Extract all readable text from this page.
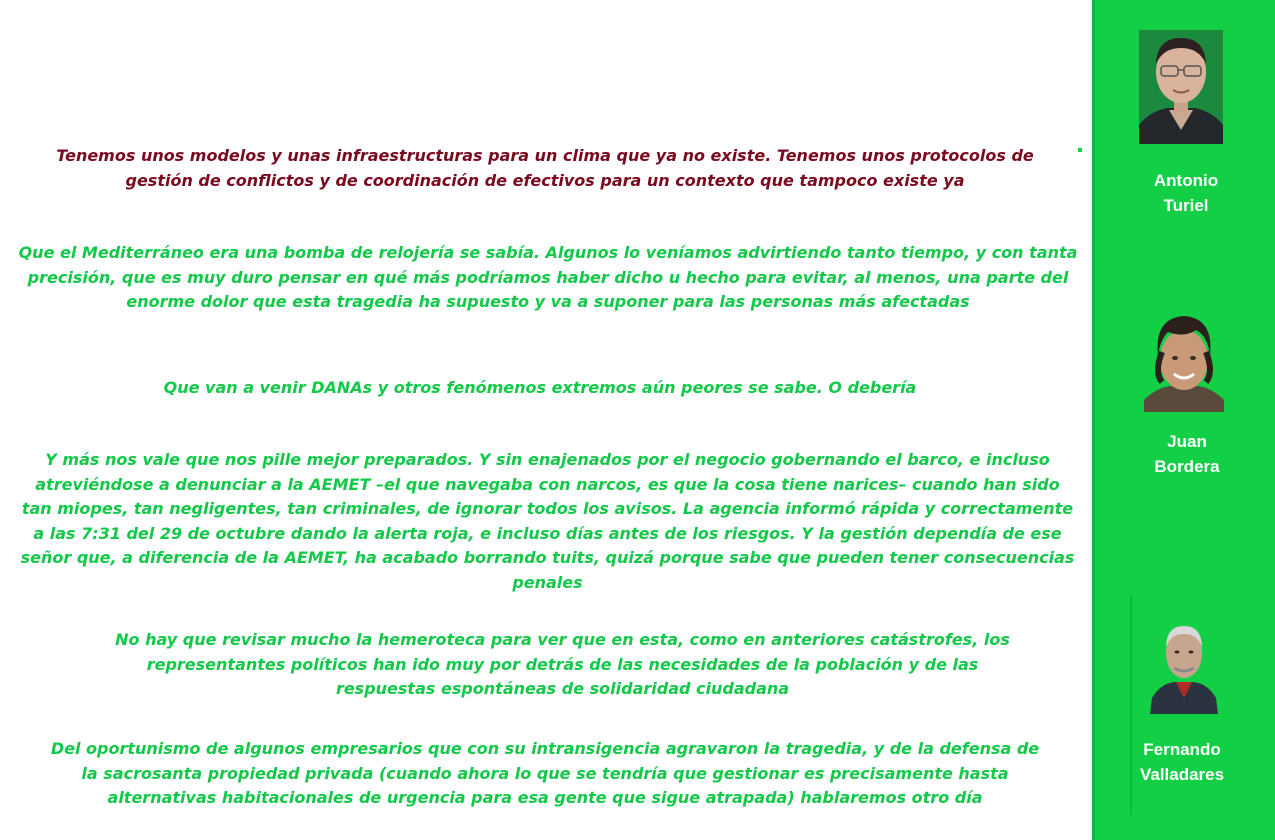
Tenemos unos modelos y unas infraestructuras para un clima que ya no existe. Tenemos unos protocolos de gestión de conflictos y de coordinación de efectivos para un contexto que tampoco existe ya

Que el Mediterráneo era una bomba de relojería se sabía. Algunos lo veníamos advirtiendo tanto tiempo, y con tanta precisión, que es muy duro pensar en qué más podríamos haber dicho u hecho para evitar, al menos, una parte del enorme dolor que esta tragedia ha supuesto y va a suponer para las personas más afectadas

Que van a venir DANAs y otros fenómenos extremos aún peores se sabe. O debería

Y más nos vale que nos pille mejor preparados. Y sin enajenados por el negocio gobernando el barco, e incluso atreviéndose a denunciar a la AEMET –el que navegaba con narcos, es que la cosa tiene narices– cuando han sido tan miopes, tan negligentes, tan criminales, de ignorar todos los avisos. La agencia informó rápida y correctamente a las 7:31 del 29 de octubre dando la alerta roja, e incluso días antes de los riesgos. Y la gestión dependía de ese señor que, a diferencia de la AEMET, ha acabado borrando tuits, quizá porque sabe que pueden tener consecuencias penales

No hay que revisar mucho la hemeroteca para ver que en esta, como en anteriores catástrofes, los representantes políticos han ido muy por detrás de las necesidades de la población y de las respuestas espontáneas de solidaridad ciudadana

Del oportunismo de algunos empresarios que con su intransigencia agravaron la tragedia, y de la defensa de la sacrosanta propiedad privada (cuando ahora lo que se tendría que gestionar es precisamente hasta alternativas habitacionales de urgencia para esa gente que sigue atrapada) hablaremos otro día

Antonio
Turiel
Juan
Bordera
Fernando
Valladares
